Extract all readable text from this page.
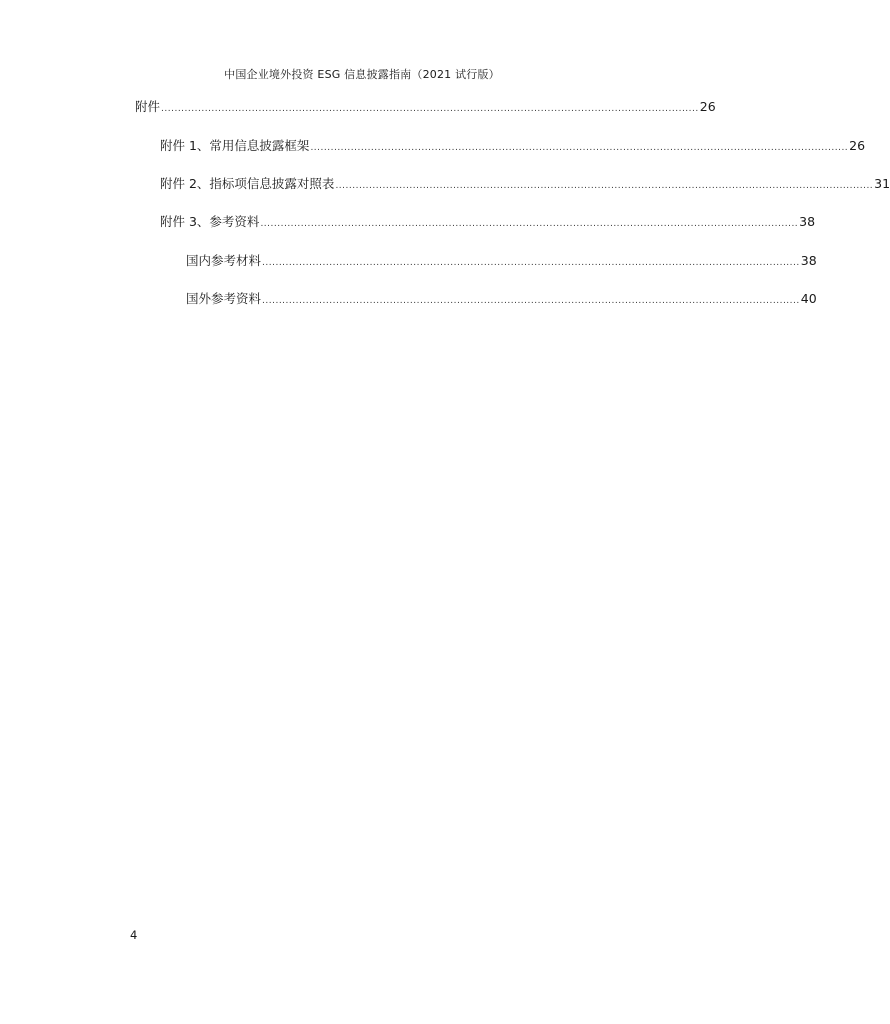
中国企业境外投资 ESG 信息披露指南（2021 试行版）
附件 ................................................................................................................................................................ 26
附件 1、常用信息披露框架 ................................................................................................................................................................ 26
附件 2、指标项信息披露对照表 ................................................................................................................................................................ 31
附件 3、参考资料 ................................................................................................................................................................ 38
国内参考材料 ................................................................................................................................................................ 38
国外参考资料 ................................................................................................................................................................ 40
4
